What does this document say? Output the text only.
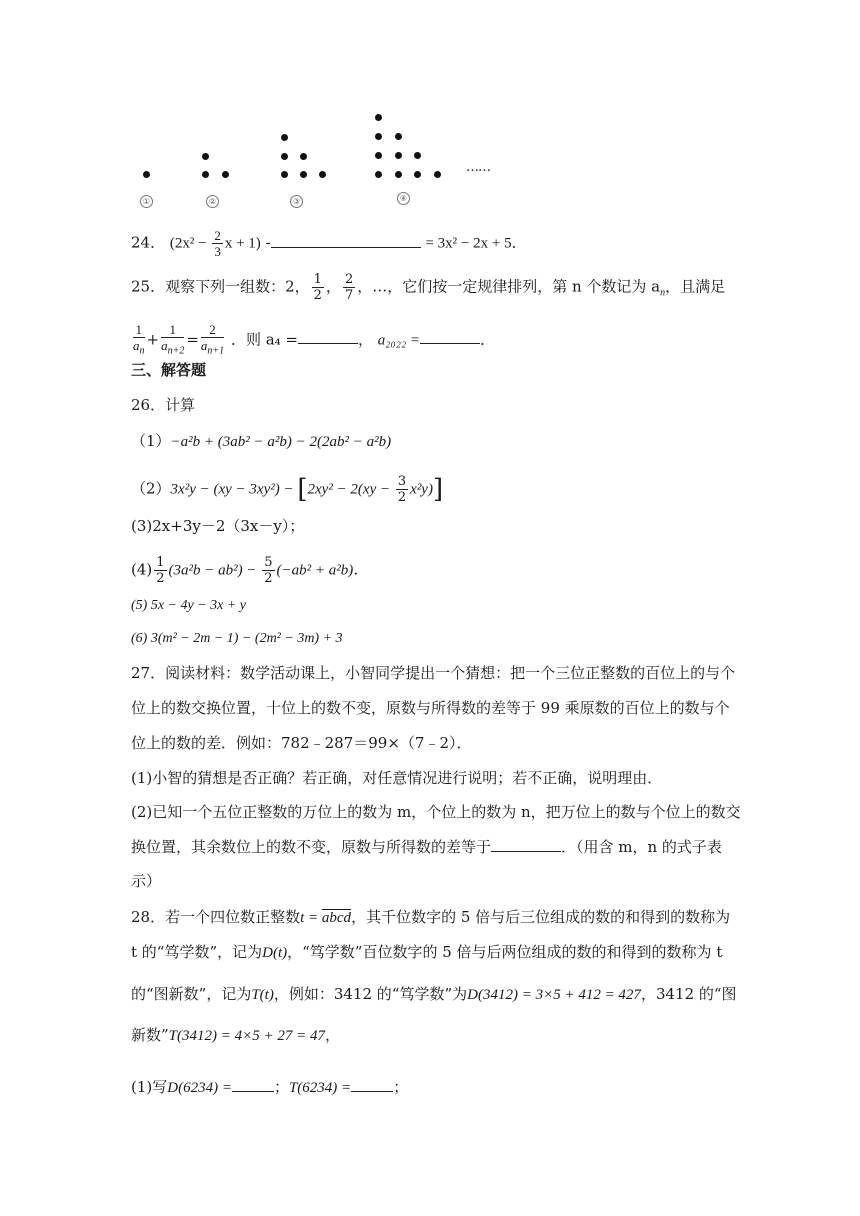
……
①	②	③	④
24． ($2x^2 - \frac{2}{3}$ x + 1) -	= 3x² − 2x + 5．
25．观察下列一组数：2， $\frac{1}{2}$ ， $\frac{2}{7}$ ，…，它们按一定规律排列，第 n 个数记为 $a_n$，且满足
$\frac{1}{a_n} + \frac{1}{a_{n+2}} = \frac{2}{a_{n+1}}$ ．则 a₄ =	， a₂₀₂₂ =	．
三、解答题
26．计算
（1）−a²b + (3ab² − a²b) − 2(2ab² − a²b)
$(2)3x^2y - (xy - 3xy^2) - [2xy^2 - 2(xy - \frac{3}{2} x^2y)]$
(3)2x+3y－2（3x－y）；
$(4) \frac{1}{2} (3a^2b - ab^2) - \frac{5}{2} (-ab^2 + a^2b)$．
(5) 5x − 4y − 3x + y
(6) 3(m² − 2m − 1) − (2m² − 3m) + 3
27．阅读材料：数学活动课上，小智同学提出一个猜想：把一个三位正整数的百位上的与个
位上的数交换位置，十位上的数不变，原数与所得数的差等于 99 乘原数的百位上的数与个
位上的数的差．例如：782﹣287＝99×（7﹣2）．
(1)小智的猜想是否正确？若正确，对任意情况进行说明；若不正确，说明理由．
(2)已知一个五位正整数的万位上的数为 m，个位上的数为 n，把万位上的数与个位上的数交
换位置，其余数位上的数不变，原数与所得数的差等于	．（用含 m，n 的式子表
示）
28．若一个四位数正整数t = abcd，其千位数字的 5 倍与后三位组成的数的和得到的数称为
t 的“笃学数”，记为D(t)，“笃学数”百位数字的 5 倍与后两位组成的数的和得到的数称为 t
的“图新数”，记为T(t)，例如：3412 的“笃学数”为D(3412) = 3×5 + 412 = 427，3412 的“图
新数”T(3412) = 4×5 + 27 = 47，
(1)写D(6234) =	；T(6234) =	；
